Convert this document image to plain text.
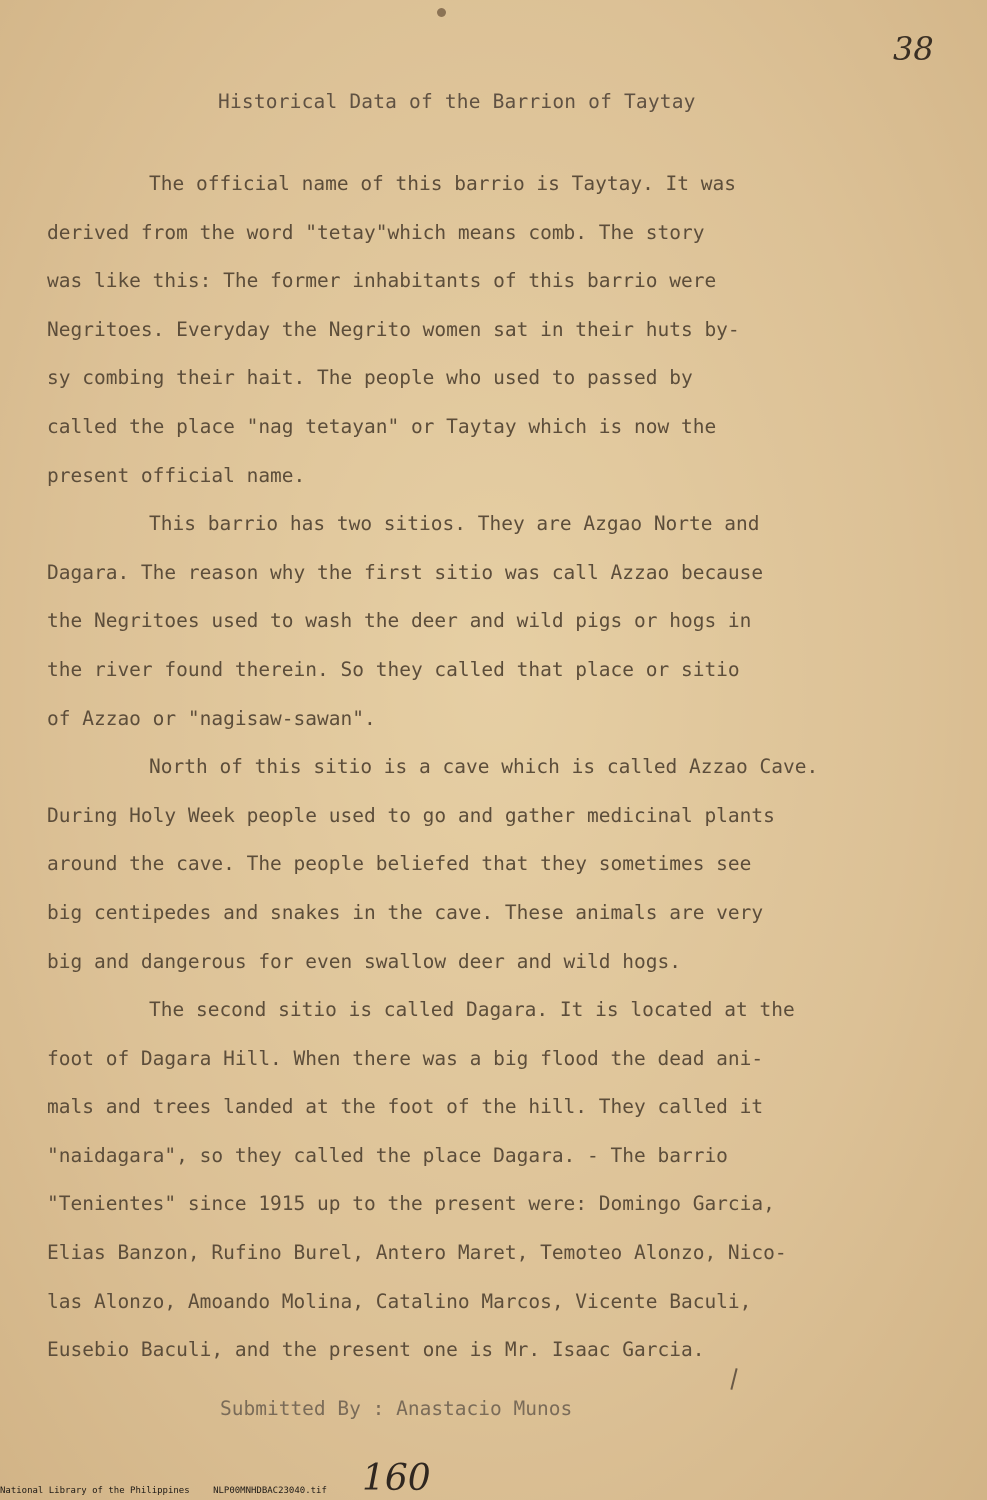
38
Historical Data of the Barrion of Taytay
The official name of this barrio is Taytay. It was
derived from the word "tetay"which means comb. The story
was like this: The former inhabitants of this barrio were
Negritoes. Everyday the Negrito women sat in their huts by-
sy combing their hait. The people who used to passed by
called the place "nag tetayan" or Taytay which is now the
present official name.
This barrio has two sitios. They are Azgao Norte and
Dagara. The reason why the first sitio was call Azzao because
the Negritoes used to wash the deer and wild pigs or hogs in
the river found therein. So they called that place or sitio
of Azzao or "nagisaw-sawan".
North of this sitio is a cave which is called Azzao Cave.
During Holy Week people used to go and gather medicinal plants
around the cave. The people beliefed that they sometimes see
big centipedes and snakes in the cave. These animals are very
big and dangerous for even swallow deer and wild hogs.
The second sitio is called Dagara. It is located at the
foot of Dagara Hill. When there was a big flood the dead ani-
mals and trees landed at the foot of the hill. They called it
"naidagara", so they called the place Dagara. - The barrio
"Tenientes" since 1915 up to the present were: Domingo Garcia,
Elias Banzon, Rufino Burel, Antero Maret, Temoteo Alonzo, Nico-
las Alonzo, Amoando Molina, Catalino Marcos, Vicente Baculi,
Eusebio Baculi, and the present one is Mr. Isaac Garcia.
Submitted By : Anastacio Munos
160
National Library of the Philippines	NLP00MNHDBAC23040.tif
